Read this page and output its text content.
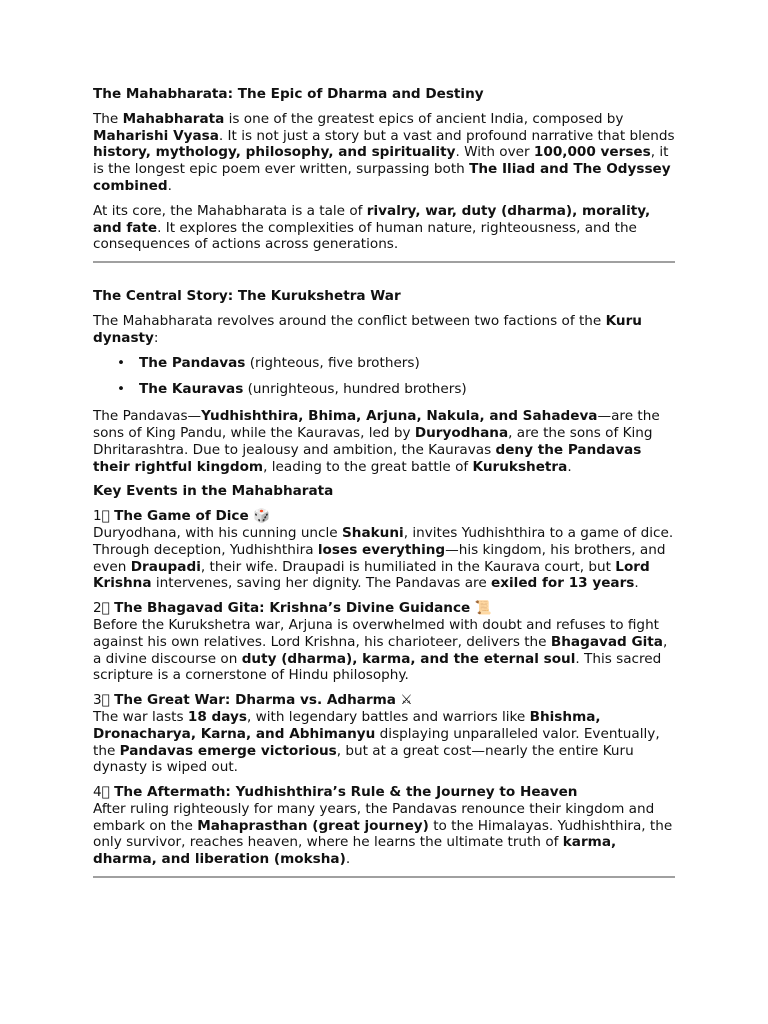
The Mahabharata: The Epic of Dharma and Destiny

The Mahabharata is one of the greatest epics of ancient India, composed by Maharishi Vyasa. It is not just a story but a vast and profound narrative that blends history, mythology, philosophy, and spirituality. With over 100,000 verses, it is the longest epic poem ever written, surpassing both The Iliad and The Odyssey combined.

At its core, the Mahabharata is a tale of rivalry, war, duty (dharma), morality, and fate. It explores the complexities of human nature, righteousness, and the consequences of actions across generations.

The Central Story: The Kurukshetra War

The Mahabharata revolves around the conflict between two factions of the Kuru dynasty:

• The Pandavas (righteous, five brothers)
• The Kauravas (unrighteous, hundred brothers)

The Pandavas—Yudhishthira, Bhima, Arjuna, Nakula, and Sahadeva—are the sons of King Pandu, while the Kauravas, led by Duryodhana, are the sons of King Dhritarashtra. Due to jealousy and ambition, the Kauravas deny the Pandavas their rightful kingdom, leading to the great battle of Kurukshetra.

Key Events in the Mahabharata

1⃣ The Game of Dice 🎲

Duryodhana, with his cunning uncle Shakuni, invites Yudhishthira to a game of dice. Through deception, Yudhishthira loses everything—his kingdom, his brothers, and even Draupadi, their wife. Draupadi is humiliated in the Kaurava court, but Lord Krishna intervenes, saving her dignity. The Pandavas are exiled for 13 years.

2⃣ The Bhagavad Gita: Krishna’s Divine Guidance 📜

Before the Kurukshetra war, Arjuna is overwhelmed with doubt and refuses to fight against his own relatives. Lord Krishna, his charioteer, delivers the Bhagavad Gita, a divine discourse on duty (dharma), karma, and the eternal soul. This sacred scripture is a cornerstone of Hindu philosophy.

3⃣ The Great War: Dharma vs. Adharma ⚔

The war lasts 18 days, with legendary battles and warriors like Bhishma, Dronacharya, Karna, and Abhimanyu displaying unparalleled valor. Eventually, the Pandavas emerge victorious, but at a great cost—nearly the entire Kuru dynasty is wiped out.

4⃣ The Aftermath: Yudhishthira’s Rule & the Journey to Heaven

After ruling righteously for many years, the Pandavas renounce their kingdom and embark on the Mahaprasthan (great journey) to the Himalayas. Yudhishthira, the only survivor, reaches heaven, where he learns the ultimate truth of karma, dharma, and liberation (moksha).
